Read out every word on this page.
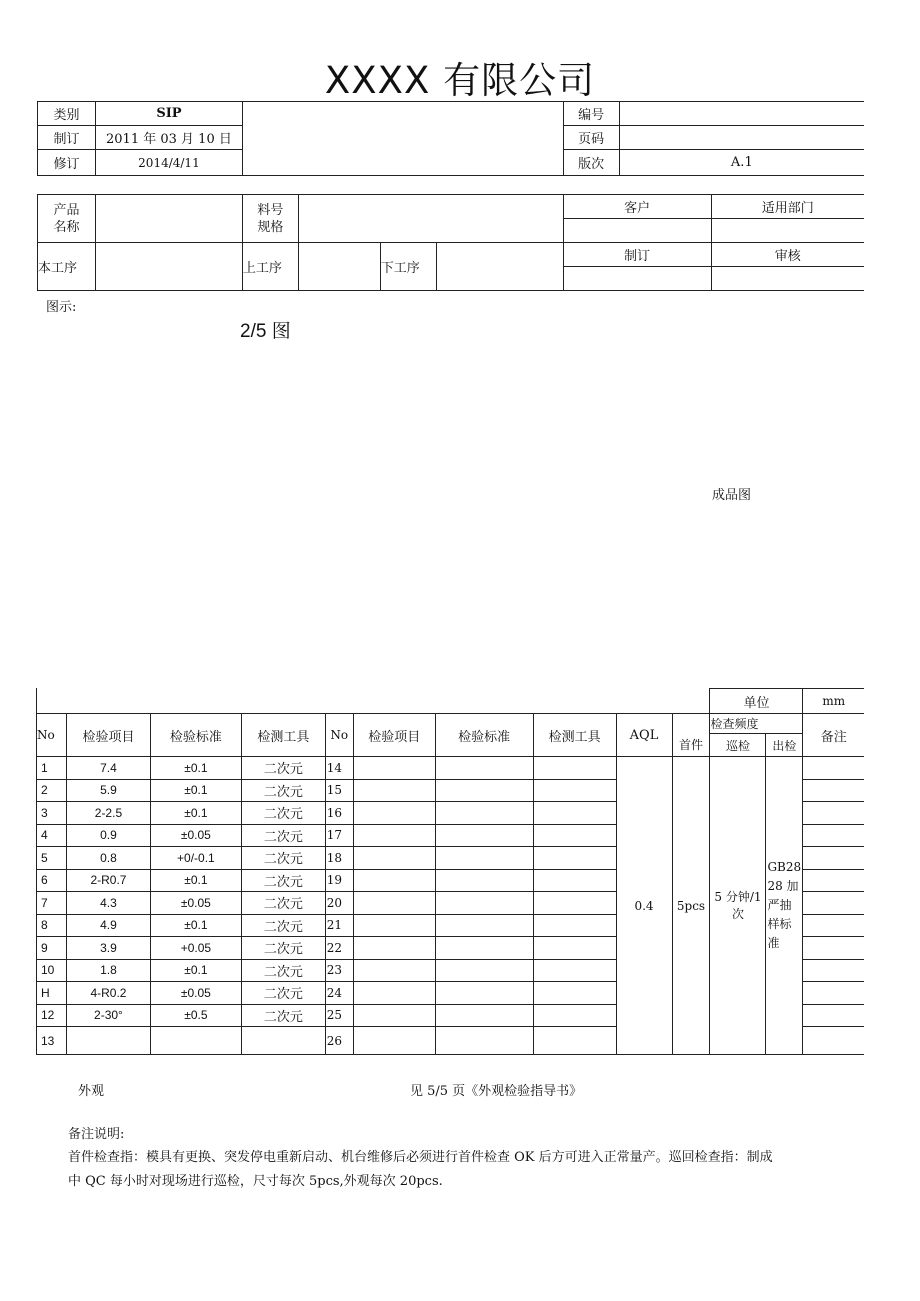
XXXX 有限公司
类别	SIP		编号	
制订	2011 年 03 月 10 日		页码	
修订	2014/4/11		版次	A.1
产品
名称		料号
规格				客户	适用部门

本工序		上工序		下工序		制订	审核

图示:
2/5 图
成品图
										单位		mm
No	检验项目	检验标准	检测工具	No	检验项目	检验标准	检测工具	AQL		检查频度		备注
									首件	巡检	出检	
1	7.4	±0.1	二次元	14				0.4	5pcs	5 分钟/1 次	GB2828 加严抽样标准	
2	5.9	±0.1	二次元	15								
3	2-2.5	±0.1	二次元	16								
4	0.9	±0.05	二次元	17								
5	0.8	+0/-0.1	二次元	18								
6	2-R0.7	±0.1	二次元	19								
7	4.3	±0.05	二次元	20								
8	4.9	±0.1	二次元	21								
9	3.9	+0.05	二次元	22								
10	1.8	±0.1	二次元	23								
H	4-R0.2	±0.05	二次元	24								
12	2-30°	±0.5	二次元	25								
13				26								
外观	见 5/5 页《外观检验指导书》
备注说明:
首件检查指：模具有更换、突发停电重新启动、机台维修后必须进行首件检查 OK 后方可进入正常量产。巡回检查指：制成
中 QC 每小时对现场进行巡检，尺寸每次 5pcs,外观每次 20pcs.
